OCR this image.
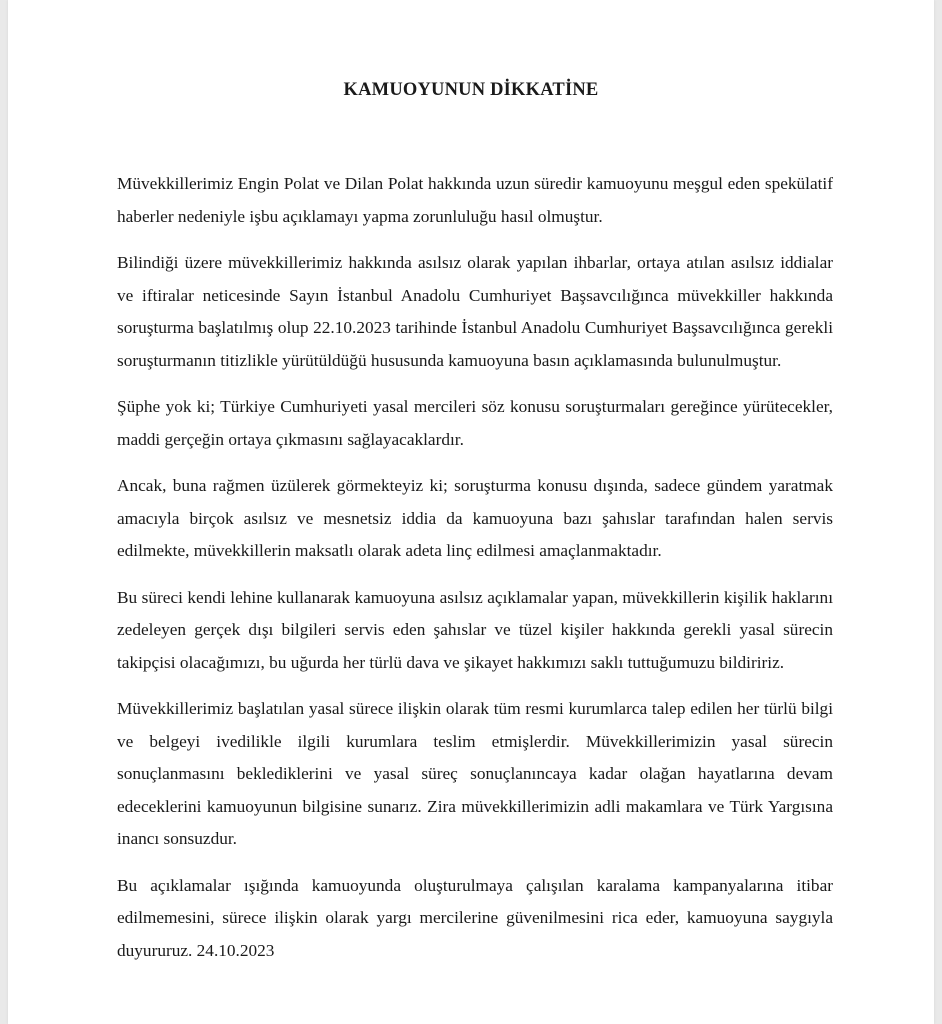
KAMUOYUNUN DİKKATİNE

Müvekkillerimiz Engin Polat ve Dilan Polat hakkında uzun süredir kamuoyunu meşgul eden spekülatif haberler nedeniyle işbu açıklamayı yapma zorunluluğu hasıl olmuştur.

Bilindiği üzere müvekkillerimiz hakkında asılsız olarak yapılan ihbarlar, ortaya atılan asılsız iddialar ve iftiralar neticesinde Sayın İstanbul Anadolu Cumhuriyet Başsavcılığınca müvekkiller hakkında soruşturma başlatılmış olup 22.10.2023 tarihinde İstanbul Anadolu Cumhuriyet Başsavcılığınca gerekli soruşturmanın titizlikle yürütüldüğü hususunda kamuoyuna basın açıklamasında bulunulmuştur.

Şüphe yok ki; Türkiye Cumhuriyeti yasal mercileri söz konusu soruşturmaları gereğince yürütecekler, maddi gerçeğin ortaya çıkmasını sağlayacaklardır.

Ancak, buna rağmen üzülerek görmekteyiz ki; soruşturma konusu dışında, sadece gündem yaratmak amacıyla birçok asılsız ve mesnetsiz iddia da kamuoyuna bazı şahıslar tarafından halen servis edilmekte, müvekkillerin maksatlı olarak adeta linç edilmesi amaçlanmaktadır.

Bu süreci kendi lehine kullanarak kamuoyuna asılsız açıklamalar yapan, müvekkillerin kişilik haklarını zedeleyen gerçek dışı bilgileri servis eden şahıslar ve tüzel kişiler hakkında gerekli yasal sürecin takipçisi olacağımızı, bu uğurda her türlü dava ve şikayet hakkımızı saklı tuttuğumuzu bildiririz.

Müvekkillerimiz başlatılan yasal sürece ilişkin olarak tüm resmi kurumlarca talep edilen her türlü bilgi ve belgeyi ivedilikle ilgili kurumlara teslim etmişlerdir. Müvekkillerimizin yasal sürecin sonuçlanmasını beklediklerini ve yasal süreç sonuçlanıncaya kadar olağan hayatlarına devam edeceklerini kamuoyunun bilgisine sunarız. Zira müvekkillerimizin adli makamlara ve Türk Yargısına inancı sonsuzdur.

Bu açıklamalar ışığında kamuoyunda oluşturulmaya çalışılan karalama kampanyalarına itibar edilmemesini, sürece ilişkin olarak yargı mercilerine güvenilmesini rica eder, kamuoyuna saygıyla duyururuz. 24.10.2023
